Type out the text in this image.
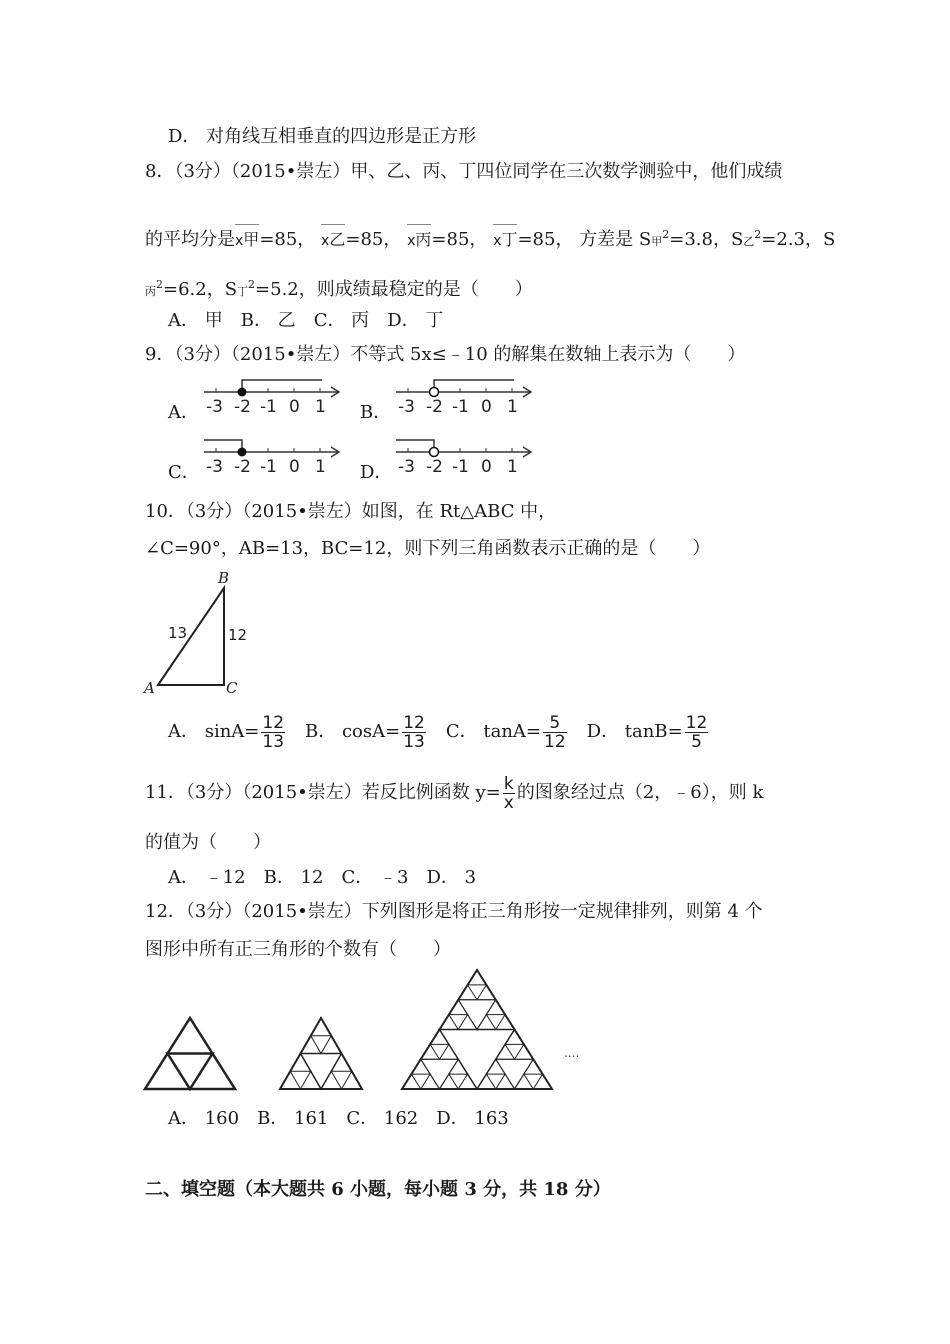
D． 对角线互相垂直的四边形是正方形
8．（3分）（2015•崇左）甲、乙、丙、丁四位同学在三次数学测验中，他们成绩
的平均分是x甲=85， x乙=85， x丙=85， x丁=85， 方差是 S甲$^2$=3.8，S乙$^2$=2.3，S
丙$^2$=6.2，S丁$^2$=5.2，则成绩最稳定的是（　　）
A． 甲 B． 乙 C． 丙 D． 丁
9．（3分）（2015•崇左）不等式 5x≤﹣10 的解集在数轴上表示为（　　）
A． -3 -2 -1 0 1 B． -3 -2 -1 0 1
C． -3 -2 -1 0 1 D． -3 -2 -1 0 1
10．（3分）（2015•崇左）如图，在 Rt△ABC 中，
∠C=90°，AB=13，BC=12，则下列三角函数表示正确的是（　　）
B
A	C
13	12
A． $\sin A= \frac{12}{13}$ B． $\cos A= \frac{12}{13}$ C． $\tan A= \frac{5}{12}$ D． $\tan B= \frac{12}{5}$
11．（3分）（2015•崇左）若反比例函数 $y= \frac{k}{x}$ 的图象经过点（2，﹣6），则 k
的值为（　　）
A． ﹣12 B． 12 C． ﹣3 D． 3
12．（3分）（2015•崇左）下列图形是将正三角形按一定规律排列，则第 4 个
图形中所有正三角形的个数有（　　）
....
A． 160 B． 161 C． 162 D． 163
二、填空题（本大题共 6 小题，每小题 3 分，共 18 分）
